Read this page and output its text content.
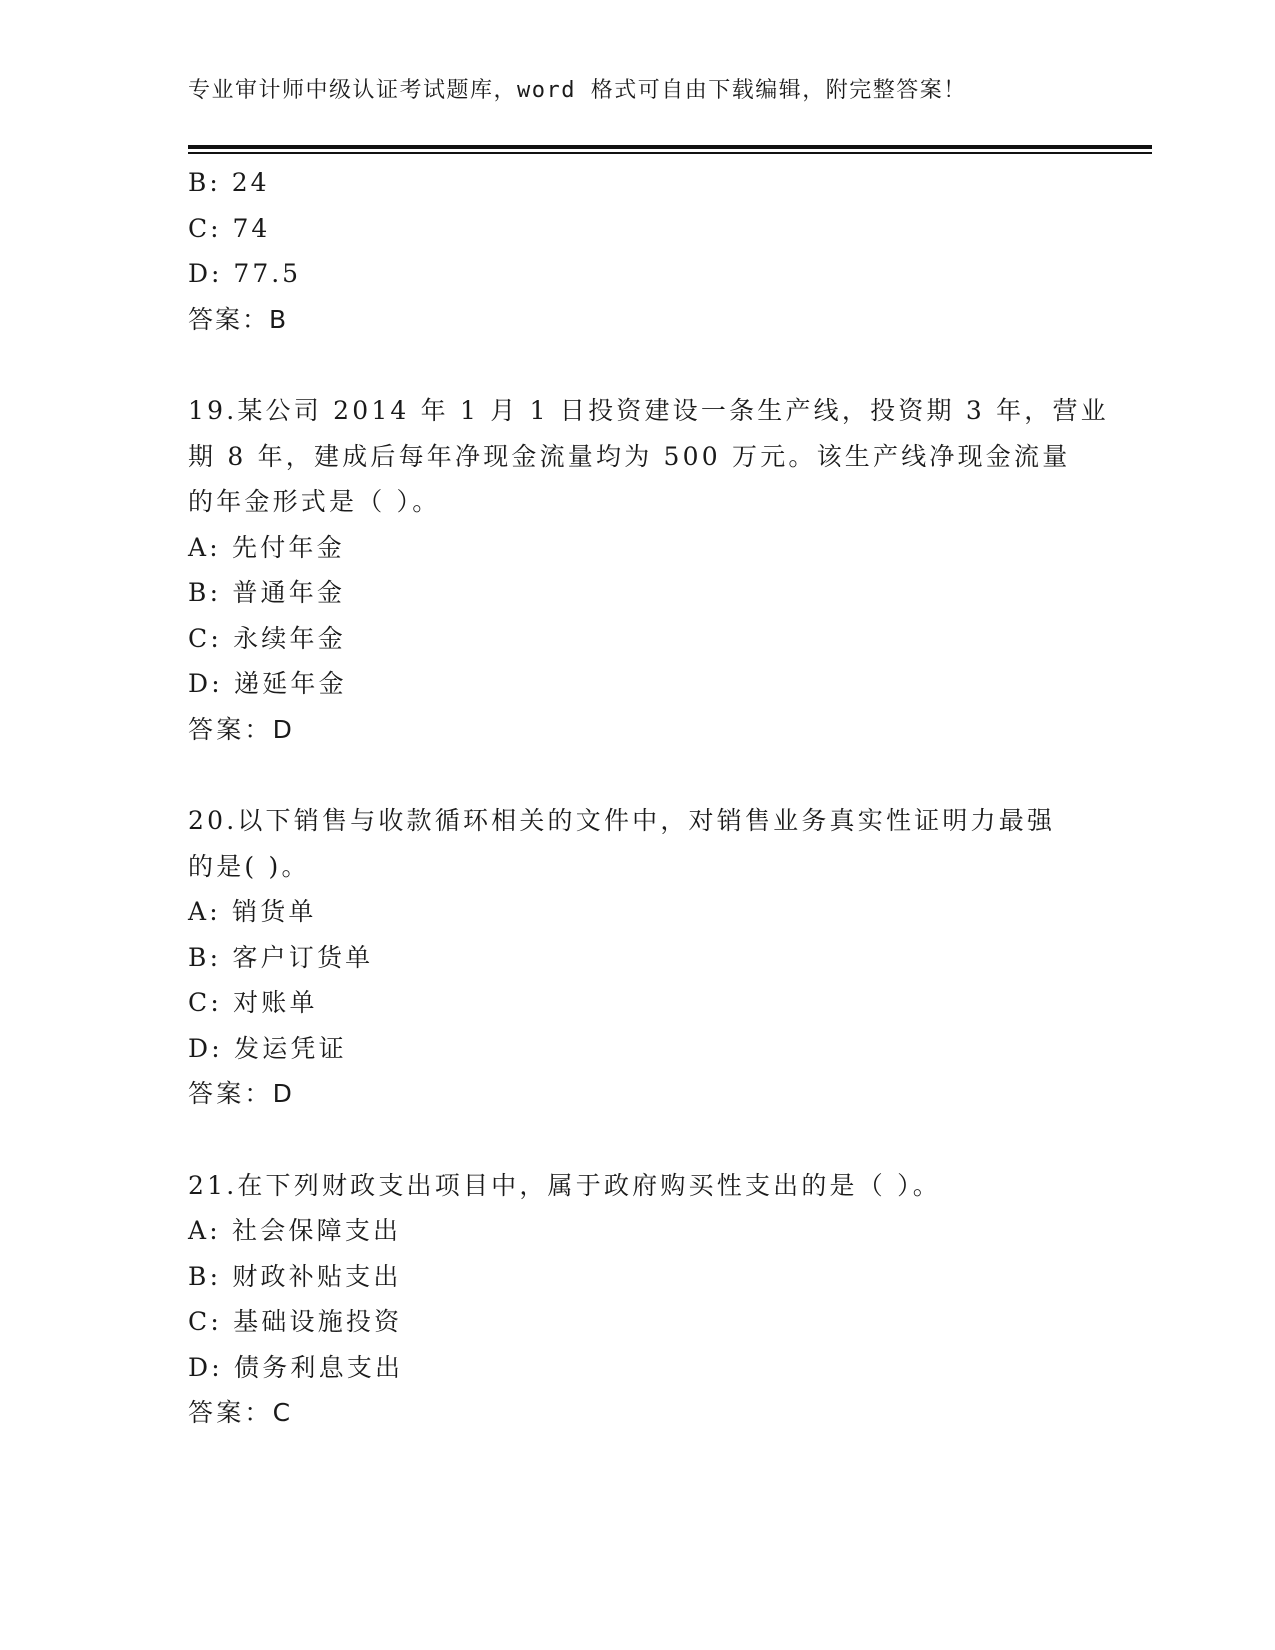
专业审计师中级认证考试题库，word 格式可自由下载编辑，附完整答案！
B: 24
C: 74
D: 77.5
答案：B
19.某公司 2014 年 1 月 1 日投资建设一条生产线，投资期 3 年，营业
期 8 年，建成后每年净现金流量均为 500 万元。该生产线净现金流量
的年金形式是（ ）。
A: 先付年金
B: 普通年金
C: 永续年金
D: 递延年金
答案：D
20.以下销售与收款循环相关的文件中，对销售业务真实性证明力最强
的是( )。
A: 销货单
B: 客户订货单
C: 对账单
D: 发运凭证
答案：D
21.在下列财政支出项目中，属于政府购买性支出的是（ ）。
A: 社会保障支出
B: 财政补贴支出
C: 基础设施投资
D: 债务利息支出
答案：C
